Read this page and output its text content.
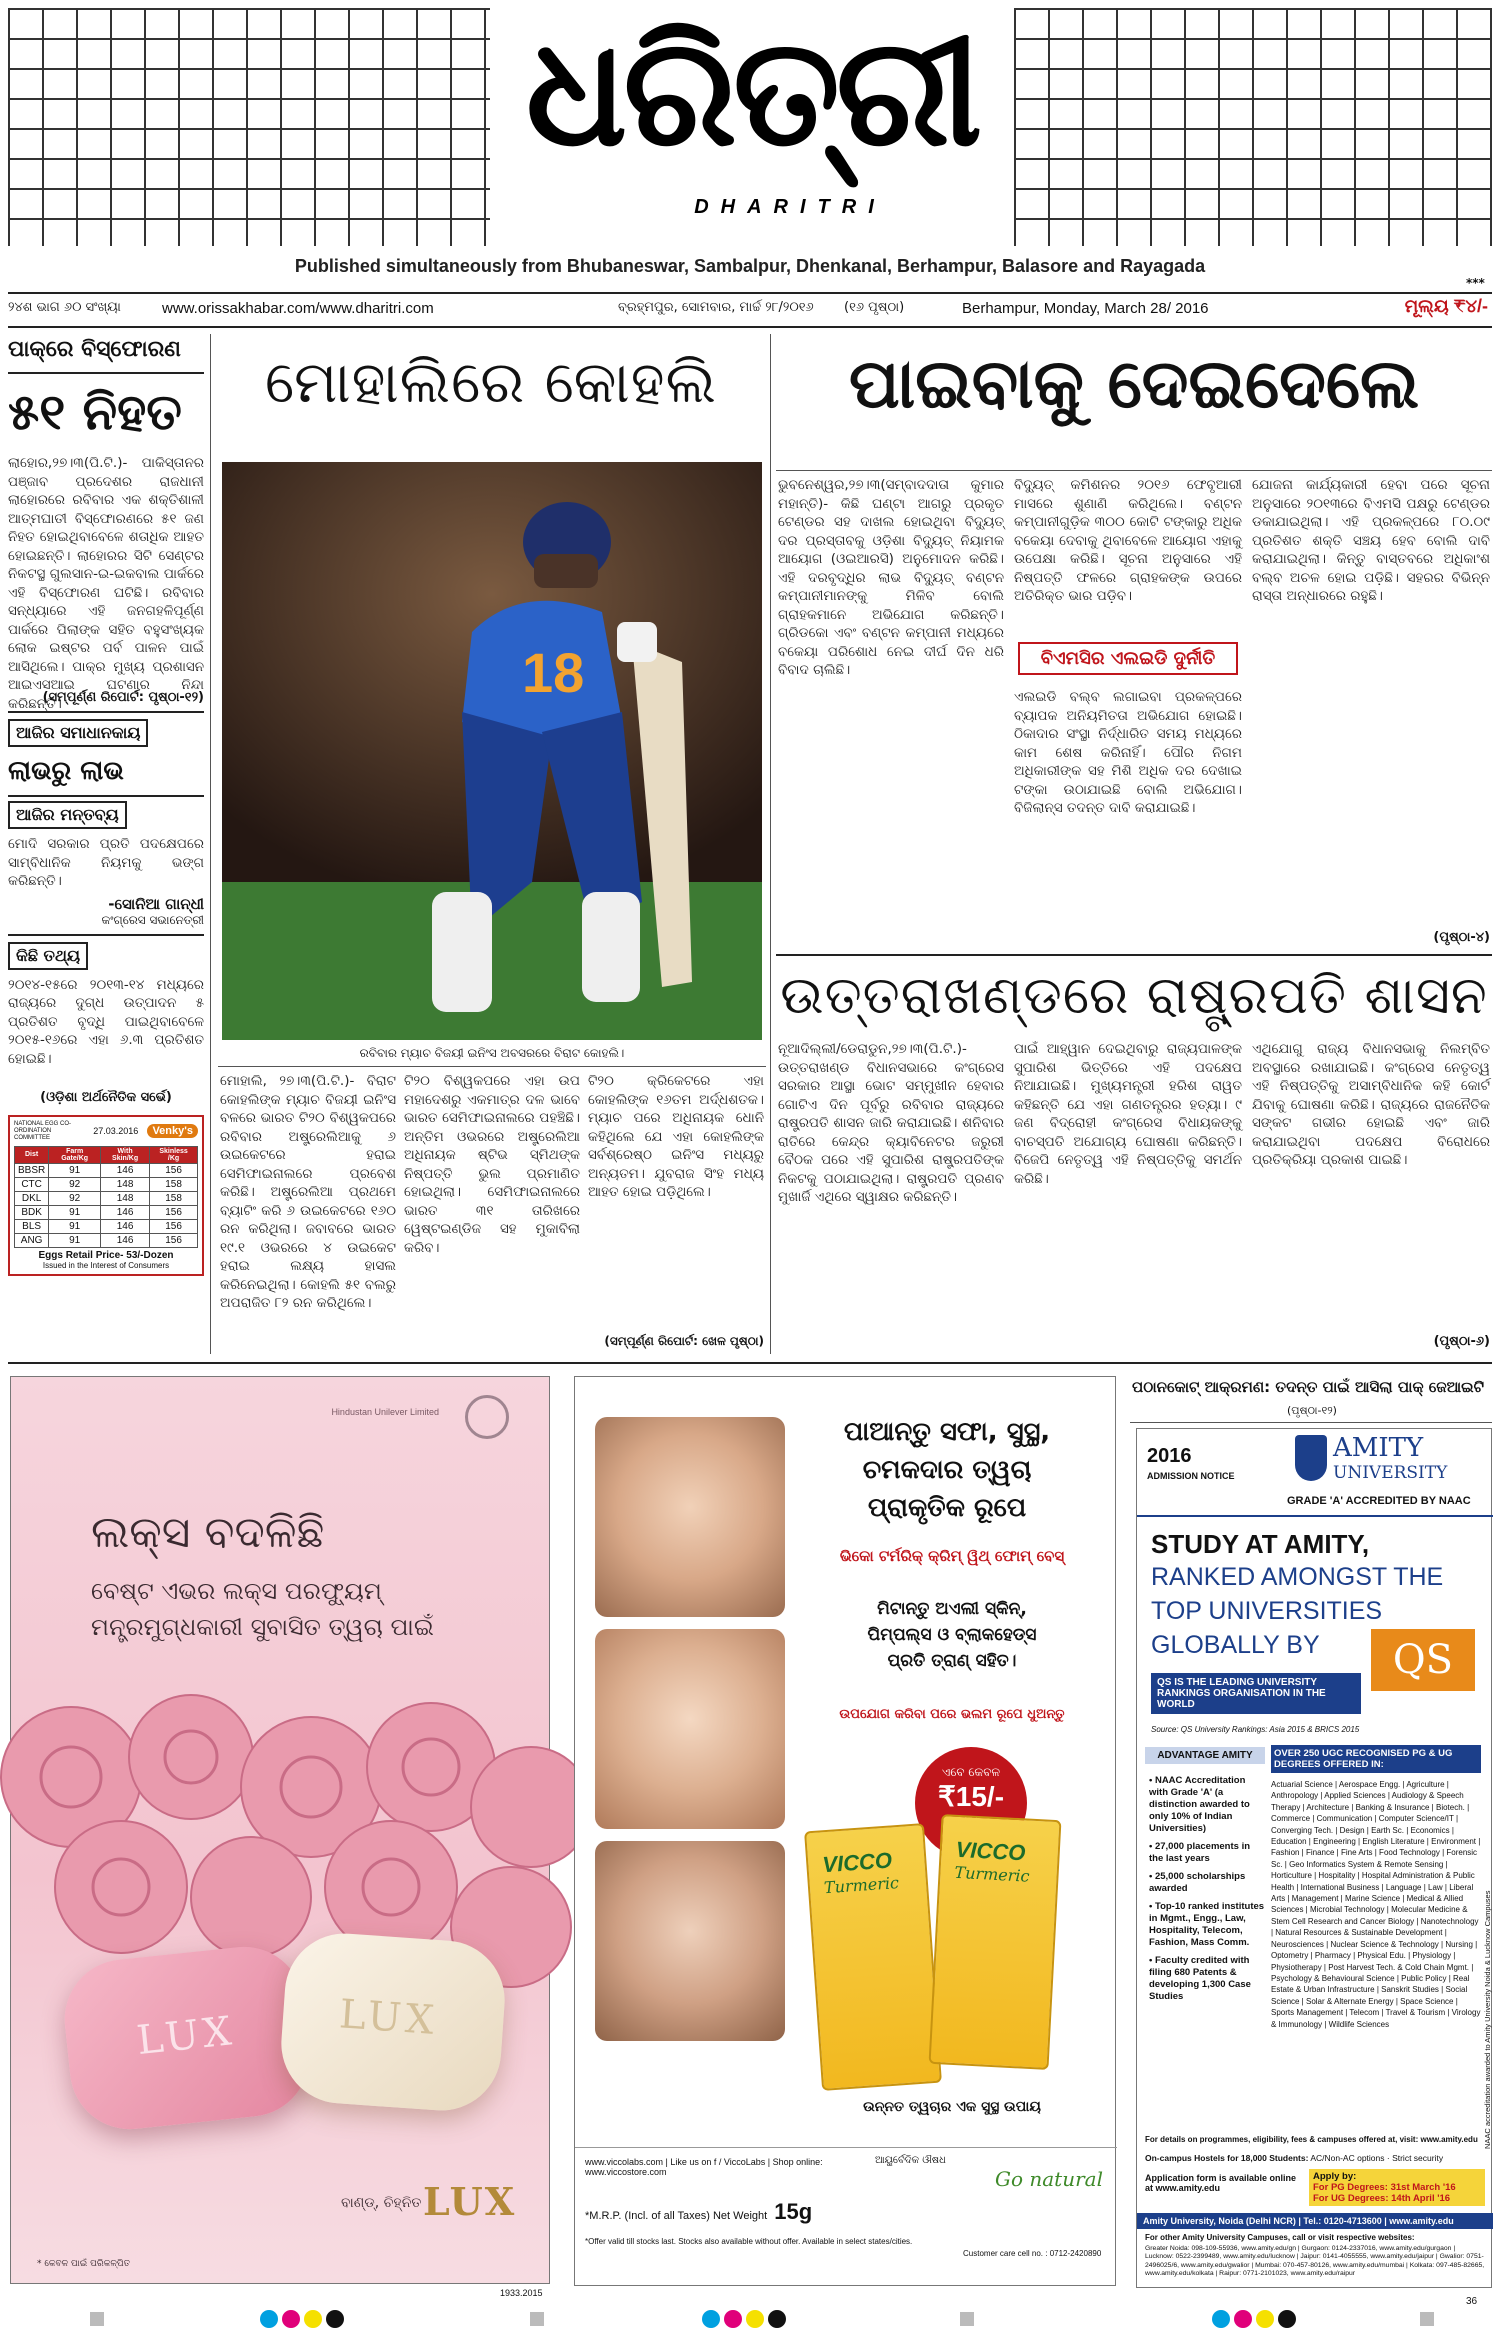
ଧରିତ୍ରୀ
DHARITRI
Published simultaneously from Bhubaneswar, Sambalpur, Dhenkanal, Berhampur, Balasore and Rayagada
***
୨୪ଶ ଭାଗ ୬୦ ସଂଖ୍ୟା	www.orissakhabar.com/www.dharitri.com	ବ୍ରହ୍ମପୁର, ସୋମବାର, ମାର୍ଚ୍ଚ ୨୮/୨୦୧୬ (୧୬ ପୃଷ୍ଠା)	Berhampur, Monday, March 28/ 2016	ମୂଲ୍ୟ ₹୪/-
ପାକ୍‌ରେ ବିସ୍ଫୋରଣ
୫୧ ନିହତ
ଲାହୋର,୨୭।୩(ପି.ଟି.)- ପାକିସ୍ତାନର ପଞ୍ଜାବ ପ୍ରଦେଶର ରାଜଧାନୀ ଲାହୋରରେ ରବିବାର ଏକ ଶକ୍ତିଶାଳୀ ଆତ୍ମଘାତୀ ବିସ୍ଫୋରଣରେ ୫୧ ଜଣ ନିହତ ହୋଇଥିବାବେଳେ ଶତାଧିକ ଆହତ ହୋଇଛନ୍ତି। ଲାହୋରର ସିଟି ସେଣ୍ଟର ନିକଟସ୍ଥ ଗୁଲସାନ-ଇ-ଇକବାଲ ପାର୍କରେ ଏହି ବିସ୍ଫୋରଣ ଘଟିଛି। ରବିବାର ସନ୍ଧ୍ୟାରେ ଏହି ଜନଗହଳିପୂର୍ଣ୍ଣ ପାର୍କରେ ପିଲାଙ୍କ ସହିତ ବହୁସଂଖ୍ୟକ ଲୋକ ଇଷ୍ଟର ପର୍ବ ପାଳନ ପାଇଁ ଆସିଥିଲେ। ପାକ୍‌ର ମୁଖ୍ୟ ପ୍ରଶାସନ ଆଇଏସଆଇ ଘଟଣାର ନିନ୍ଦା କରିଛନ୍ତି।
(ସମ୍ପୂର୍ଣ୍ଣ ରିପୋର୍ଟ: ପୃଷ୍ଠା-୧୨)
ଆଜିର ସମାଧାନକାୟ
ଲାଭରୁ ଲାଭ
ଆଜିର ମନ୍ତବ୍ୟ
ମୋଦି ସରକାର ପ୍ରତି ପଦକ୍ଷେପରେ ସାମ୍ବିଧାନିକ ନିୟମକୁ ଭଙ୍ଗ କରିଛନ୍ତି।
-ସୋନିଆ ଗାନ୍ଧୀ
କଂଗ୍ରେସ ସଭାନେତ୍ରୀ
କିଛି ତଥ୍ୟ
୨୦୧୪-୧୫ରେ ୨୦୧୩-୧୪ ମଧ୍ୟରେ ରାଜ୍ୟରେ ଦୁଗ୍ଧ ଉତ୍ପାଦନ ୫ ପ୍ରତିଶତ ବୃଦ୍ଧି ପାଇଥିବାବେଳେ ୨୦୧୫-୧୬ରେ ଏହା ୬.୩ ପ୍ରତିଶତ ହୋଇଛି।
(ଓଡ଼ିଶା ଅର୍ଥନୈତିକ ସର୍ଭେ)
NATIONAL EGG CO-ORDINATION COMMITTEE
27.03.2016	Venky's
Dist	Farm Gate/Kg	With Skin/Kg	Skinless /Kg
BBSR	91	146	156
CTC	92	148	158
DKL	92	148	158
BDK	91	146	156
BLS	91	146	156
ANG	91	146	156
Eggs Retail Price- 53/-Dozen
Issued in the Interest of Consumers
ମୋହାଲିରେ କୋହଲି
18
ରବିବାର ମ୍ୟାଚ ବିଜୟୀ ଇନିଂସ ଅବସରରେ ବିରାଟ କୋହଲି।
ମୋହାଲି, ୨୭।୩(ପି.ଟି.)- ବିରାଟ କୋହଲିଙ୍କ ମ୍ୟାଚ ବିଜୟୀ ଇନିଂସ ବଳରେ ଭାରତ ଟି୨୦ ବିଶ୍ୱକପରେ ରବିବାର ଅଷ୍ଟ୍ରେଲିଆକୁ ୬ ଉଇକେଟରେ ହରାଇ ସେମିଫାଇନାଲରେ ପ୍ରବେଶ କରିଛି। ଅଷ୍ଟ୍ରେଲିଆ ପ୍ରଥମେ ବ୍ୟାଟିଂ କରି ୬ ଉଇକେଟରେ ୧୬୦ ରନ କରିଥିଲା। ଜବାବରେ ଭାରତ ୧୯.୧ ଓଭରରେ ୪ ଉଇକେଟ ହରାଇ ଲକ୍ଷ୍ୟ ହାସଲ କରିନେଇଥିଲା। କୋହଲି ୫୧ ବଲରୁ ଅପରାଜିତ ୮୨ ରନ କରିଥିଲେ।
ଟି୨୦ ବିଶ୍ୱକପରେ ଏହା ଉପ ମହାଦେଶରୁ ଏକମାତ୍ର ଦଳ ଭାବେ ଭାରତ ସେମିଫାଇନାଲରେ ପହଞ୍ଚିଛି। ଅନ୍ତିମ ଓଭରରେ ଅଷ୍ଟ୍ରେଲିଆ ଅଧିନାୟକ ଷ୍ଟିଭ ସ୍ମିଥଙ୍କ ନିଷ୍ପତ୍ତି ଭୁଲ ପ୍ରମାଣିତ ହୋଇଥିଲା। ସେମିଫାଇନାଲରେ ଭାରତ ୩୧ ତାରିଖରେ ୱେଷ୍ଟଇଣ୍ଡିଜ ସହ ମୁକାବିଲା କରିବ।
ଟି୨୦ କ୍ରିକେଟରେ ଏହା କୋହଲିଙ୍କ ୧୬ତମ ଅର୍ଦ୍ଧଶତକ। ମ୍ୟାଚ ପରେ ଅଧିନାୟକ ଧୋନି କହିଥିଲେ ଯେ ଏହା କୋହଲିଙ୍କ ସର୍ବଶ୍ରେଷ୍ଠ ଇନିଂସ ମଧ୍ୟରୁ ଅନ୍ୟତମ। ଯୁବରାଜ ସିଂହ ମଧ୍ୟ ଆହତ ହୋଇ ପଡ଼ିଥିଲେ।
(ସମ୍ପୂର୍ଣ୍ଣ ରିପୋର୍ଟ: ଖେଳ ପୃଷ୍ଠା)
ପାଇବାକୁ ଦେଇଦେଲେ
ଭୁବନେଶ୍ୱର,୨୭।୩(ସମ୍ବାଦଦାତା କୁମାର ମହାନ୍ତି)- କିଛି ଘଣ୍ଟା ଆଗରୁ ପ୍ରକୃତ ଟେଣ୍ଡର ସହ ଦାଖଲ ହୋଇଥିବା ବିଦ୍ୟୁତ୍ ଦର ପ୍ରସ୍ତାବକୁ ଓଡ଼ିଶା ବିଦ୍ୟୁତ୍ ନିୟାମକ ଆୟୋଗ (ଓଇଆରସି) ଅନୁମୋଦନ କରିଛି। ଏହି ଦରବୃଦ୍ଧିର ଲାଭ ବିଦ୍ୟୁତ୍ ବଣ୍ଟନ କମ୍ପାନୀମାନଙ୍କୁ ମିଳିବ ବୋଲି ଗ୍ରାହକମାନେ ଅଭିଯୋଗ କରିଛନ୍ତି। ଗ୍ରିଡକୋ ଏବଂ ବଣ୍ଟନ କମ୍ପାନୀ ମଧ୍ୟରେ ବକେୟା ପରିଶୋଧ ନେଇ ଦୀର୍ଘ ଦିନ ଧରି ବିବାଦ ଚାଲିଛି।
ବିଦ୍ୟୁତ୍ କମିଶନର ୨୦୧୬ ଫେବୃଆରୀ ମାସରେ ଶୁଣାଣି କରିଥିଲେ। ବଣ୍ଟନ କମ୍ପାନୀଗୁଡ଼ିକ ୩୦୦ କୋଟି ଟଙ୍କାରୁ ଅଧିକ ବକେୟା ଦେବାକୁ ଥିବାବେଳେ ଆୟୋଗ ଏହାକୁ ଉପେକ୍ଷା କରିଛି। ସୂଚନା ଅନୁସାରେ ଏହି ନିଷ୍ପତ୍ତି ଫଳରେ ଗ୍ରାହକଙ୍କ ଉପରେ ଅତିରିକ୍ତ ଭାର ପଡ଼ିବ।
ବିଏମସିର ଏଲଇଡି ଦୁର୍ନୀତି
ଏଲଇଡି ବଲ୍ବ ଲଗାଇବା ପ୍ରକଳ୍ପରେ ବ୍ୟାପକ ଅନିୟମିତତା ଅଭିଯୋଗ ହୋଇଛି। ଠିକାଦାର ସଂସ୍ଥା ନିର୍ଦ୍ଧାରିତ ସମୟ ମଧ୍ୟରେ କାମ ଶେଷ କରିନାହିଁ। ପୌର ନିଗମ ଅଧିକାରୀଙ୍କ ସହ ମିଶି ଅଧିକ ଦର ଦେଖାଇ ଟଙ୍କା ଉଠାଯାଇଛି ବୋଲି ଅଭିଯୋଗ। ବିଜିଲାନ୍ସ ତଦନ୍ତ ଦାବି କରାଯାଇଛି।
ଯୋଜନା କାର୍ଯ୍ୟକାରୀ ହେବା ପରେ ସୂଚନା ଅନୁସାରେ ୨୦୧୩ରେ ବିଏମସି ପକ୍ଷରୁ ଟେଣ୍ଡର ଡକାଯାଇଥିଲା। ଏହି ପ୍ରକଳ୍ପରେ ୮୦.୦୯ ପ୍ରତିଶତ ଶକ୍ତି ସଞ୍ଚୟ ହେବ ବୋଲି ଦାବି କରାଯାଇଥିଲା। କିନ୍ତୁ ବାସ୍ତବରେ ଅଧିକାଂଶ ବଲ୍ବ ଅଚଳ ହୋଇ ପଡ଼ିଛି। ସହରର ବିଭିନ୍ନ ରାସ୍ତା ଅନ୍ଧାରରେ ରହୁଛି।
(ପୃଷ୍ଠା-୪)
ଉତ୍ତରାଖଣ୍ଡରେ ରାଷ୍ଟ୍ରପତି ଶାସନ
ନୂଆଦିଲ୍ଲୀ/ଡେରାଡୁନ,୨୭।୩(ପି.ଟି.)- ଉତ୍ତରାଖଣ୍ଡ ବିଧାନସଭାରେ କଂଗ୍ରେସ ସରକାର ଆସ୍ଥା ଭୋଟ ସମ୍ମୁଖୀନ ହେବାର ଗୋଟିଏ ଦିନ ପୂର୍ବରୁ ରବିବାର ରାଜ୍ୟରେ ରାଷ୍ଟ୍ରପତି ଶାସନ ଜାରି କରାଯାଇଛି। ଶନିବାର ରାତିରେ କେନ୍ଦ୍ର କ୍ୟାବିନେଟର ଜରୁରୀ ବୈଠକ ପରେ ଏହି ସୁପାରିଶ ରାଷ୍ଟ୍ରପତିଙ୍କ ନିକଟକୁ ପଠାଯାଇଥିଲା। ରାଷ୍ଟ୍ରପତି ପ୍ରଣବ ମୁଖାର୍ଜି ଏଥିରେ ସ୍ୱାକ୍ଷର କରିଛନ୍ତି।
ପାଇଁ ଆହ୍ୱାନ ଦେଇଥିବାରୁ ରାଜ୍ୟପାଳଙ୍କ ସୁପାରିଶ ଭିତ୍ତିରେ ଏହି ପଦକ୍ଷେପ ନିଆଯାଇଛି। ମୁଖ୍ୟମନ୍ତ୍ରୀ ହରିଶ ରାୱତ କହିଛନ୍ତି ଯେ ଏହା ଗଣତନ୍ତ୍ରର ହତ୍ୟା। ୯ ଜଣ ବିଦ୍ରୋହୀ କଂଗ୍ରେସ ବିଧାୟକଙ୍କୁ ବାଚସ୍ପତି ଅଯୋଗ୍ୟ ଘୋଷଣା କରିଛନ୍ତି। ବିଜେପି ନେତୃତ୍ୱ ଏହି ନିଷ୍ପତ୍ତିକୁ ସମର୍ଥନ କରିଛି।
ଏଥିଯୋଗୁ ରାଜ୍ୟ ବିଧାନସଭାକୁ ନିଲମ୍ବିତ ଅବସ୍ଥାରେ ରଖାଯାଇଛି। କଂଗ୍ରେସ ନେତୃତ୍ୱ ଏହି ନିଷ୍ପତ୍ତିକୁ ଅସାମ୍ବିଧାନିକ କହି କୋର୍ଟ ଯିବାକୁ ଘୋଷଣା କରିଛି। ରାଜ୍ୟରେ ରାଜନୈତିକ ସଙ୍କଟ ଗଭୀର ହୋଇଛି ଏବଂ ଜାରି କରାଯାଇଥିବା ପଦକ୍ଷେପ ବିରୋଧରେ ପ୍ରତିକ୍ରିୟା ପ୍ରକାଶ ପାଇଛି।
(ପୃଷ୍ଠା-୬)
Hindustan Unilever Limited
ଲକ୍ସ ବଦଳିଛି
ବେଷ୍ଟ ଏଭର ଲକ୍ସ ପରଫ୍ୟୁମ୍
ମନ୍ତ୍ରମୁଗ୍ଧକାରୀ ସୁବାସିତ ତ୍ୱଚା ପାଇଁ
LUX	LUX
ବାଣ୍ଡ୍, ଚିହ୍ନିତ LUX
* କେବଳ ପାଇଁ ପରିକଳ୍ପିତ
1933.2015
ପାଆନ୍ତୁ ସଫା, ସୁସ୍ଥ,
ଚମକଦାର ତ୍ୱଚା
ପ୍ରାକୃତିକ ରୂପେ
ଭିକୋ ଟର୍ମରିକ୍ କ୍ରିମ୍ ୱିଥ୍ ଫୋମ୍ ବେସ୍
ମିଟାନ୍ତୁ ଅଏଲୀ ସ୍କିନ୍,
ପିମ୍ପଲ୍ସ ଓ ବ୍ଲାକହେଡ୍ସ
ପ୍ରତି ତ୍ରାଣ୍ ସହିତ।
ଉପଯୋଗ କରିବା ପରେ ଭଲମ ରୂପେ ଧୁଅନ୍ତୁ
ଏବେ କେବଳ
₹15/-
VICCO
Turmeric
VICCO
Turmeric
ଉନ୍ନତ ତ୍ୱଚାର ଏକ ସୁସ୍ଥ ଉପାୟ
www.viccolabs.com | Like us on f / ViccoLabs | Shop online: www.viccostore.com
ଆୟୁର୍ବେଦିକ ଔଷଧ
Go natural
*M.R.P. (Incl. of all Taxes) Net Weight 15g
*Offer valid till stocks last. Stocks also available without offer. Available in select states/cities.
Customer care cell no. : 0712-2420890
ପଠାନକୋଟ୍ ଆକ୍ରମଣ: ତଦନ୍ତ ପାଇଁ ଆସିଲା ପାକ୍ ଜେଆଇଟି
(ପୃଷ୍ଠା-୧୨)
2016
ADMISSION NOTICE
AMITY
UNIVERSITY
GRADE 'A' ACCREDITED BY NAAC
STUDY AT AMITY,
RANKED AMONGST THE
TOP UNIVERSITIES
GLOBALLY BY	QS
QS IS THE LEADING UNIVERSITY RANKINGS ORGANISATION IN THE WORLD
Source: QS University Rankings: Asia 2015 & BRICS 2015
ADVANTAGE AMITY
• NAAC Accreditation with Grade 'A' (a distinction awarded to only 10% of Indian Universities)
• 27,000 placements in the last years
• 25,000 scholarships awarded
• Top-10 ranked institutes in Mgmt., Engg., Law, Hospitality, Telecom, Fashion, Mass Comm.
• Faculty credited with filing 680 Patents & developing 1,300 Case Studies
OVER 250 UGC RECOGNISED PG & UG DEGREES OFFERED IN:
Actuarial Science | Aerospace Engg. | Agriculture | Anthropology | Applied Sciences | Audiology & Speech Therapy | Architecture | Banking & Insurance | Biotech. | Commerce | Communication | Computer Science/IT | Converging Tech. | Design | Earth Sc. | Economics | Education | Engineering | English Literature | Environment | Fashion | Finance | Fine Arts | Food Technology | Forensic Sc. | Geo Informatics System & Remote Sensing | Horticulture | Hospitality | Hospital Administration & Public Health | International Business | Language | Law | Liberal Arts | Management | Marine Science | Medical & Allied Sciences | Microbial Technology | Molecular Medicine & Stem Cell Research and Cancer Biology | Nanotechnology | Natural Resources & Sustainable Development | Neurosciences | Nuclear Science & Technology | Nursing | Optometry | Pharmacy | Physical Edu. | Physiology | Physiotherapy | Post Harvest Tech. & Cold Chain Mgmt. | Psychology & Behavioural Science | Public Policy | Real Estate & Urban Infrastructure | Sanskrit Studies | Social Science | Solar & Alternate Energy | Space Science | Sports Management | Telecom | Travel & Tourism | Virology & Immunology | Wildlife Sciences
For details on programmes, eligibility, fees & campuses offered at, visit: www.amity.edu
On-campus Hostels for 18,000 Students: AC/Non-AC options · Strict security
Application form is available online at www.amity.edu
Apply by:
For PG Degrees: 31st March '16
For UG Degrees: 14th April '16
Amity University, Noida (Delhi NCR) | Tel.: 0120-4713600 | www.amity.edu
For other Amity University Campuses, call or visit respective websites:
Greater Noida: 098-109-55936, www.amity.edu/gn | Gurgaon: 0124-2337016, www.amity.edu/gurgaon | Lucknow: 0522-2399489, www.amity.edu/lucknow | Jaipur: 0141-4055555, www.amity.edu/jaipur | Gwalior: 0751-2496025/6, www.amity.edu/gwalior | Mumbai: 070-457-80126, www.amity.edu/mumbai | Kolkata: 097-485-82665, www.amity.edu/kolkata | Raipur: 0771-2101023, www.amity.edu/raipur
NAAC accreditation awarded to Amity University Noida & Lucknow Campuses
36
